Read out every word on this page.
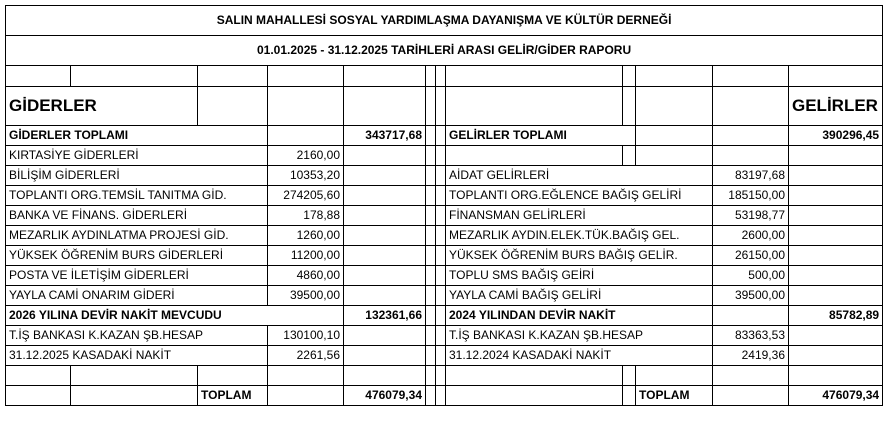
SALIN MAHALLESİ SOSYAL YARDIMLAŞMA DAYANIŞMA VE KÜLTÜR DERNEĞİ											
01.01.2025 - 31.12.2025 TARİHLERİ ARASI GELİR/GİDER RAPORU											

GİDERLER											GELİRLER
GİDERLER TOPLAMI				343717,68			GELİRLER TOPLAMI				390296,45
KIRTASİYE GİDERLERİ			2160,00								
BİLİŞİM GİDERLERİ			10353,20				AİDAT GELİRLERİ			83197,68	
TOPLANTI ORG.TEMSİL TANITMA GİD.			274205,60				TOPLANTI ORG.EĞLENCE BAĞIŞ GELİRİ			185150,00	
BANKA VE FİNANS. GİDERLERİ			178,88				FİNANSMAN GELİRLERİ			53198,77	
MEZARLIK AYDINLATMA PROJESİ GİD.			1260,00				MEZARLIK AYDIN.ELEK.TÜK.BAĞIŞ GEL.			2600,00	
YÜKSEK ÖĞRENİM BURS GİDERLERİ			11200,00				YÜKSEK ÖĞRENİM BURS BAĞIŞ GELİR.			26150,00	
POSTA VE İLETİŞİM GİDERLERİ			4860,00				TOPLU SMS BAĞIŞ GEİRİ			500,00	
YAYLA CAMİ ONARIM GİDERİ			39500,00				YAYLA CAMİ BAĞIŞ GELİRİ			39500,00	
2026 YILINA DEVİR NAKİT MEVCUDU				132361,66			2024 YILINDAN DEVİR NAKİT				85782,89
T.İŞ BANKASI K.KAZAN ŞB.HESAP			130100,10				T.İŞ BANKASI K.KAZAN ŞB.HESAP			83363,53	
31.12.2025 KASADAKİ NAKİT			2261,56				31.12.2024 KASADAKİ NAKİT			2419,36	

		TOPLAM		476079,34					TOPLAM		476079,34
